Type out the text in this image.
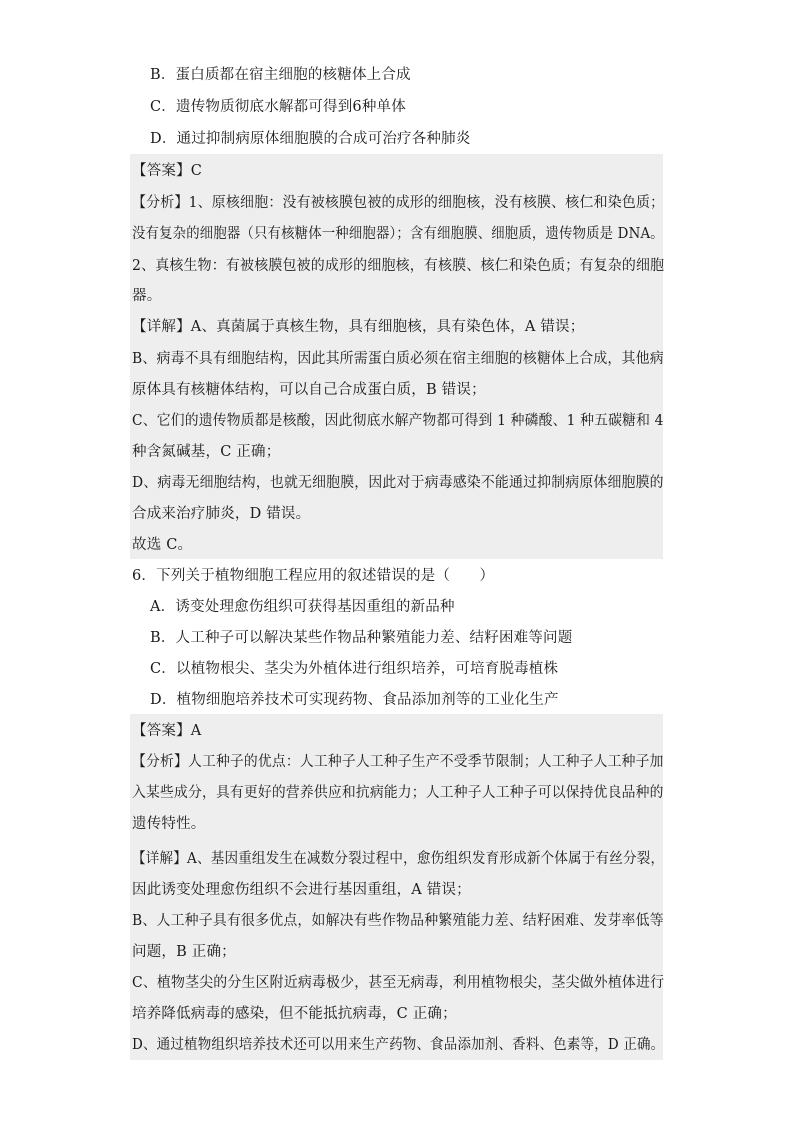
B．蛋白质都在宿主细胞的核糖体上合成
C．遗传物质彻底水解都可得到6种单体
D．通过抑制病原体细胞膜的合成可治疗各种肺炎
【答案】C
【分析】1、原核细胞：没有被核膜包被的成形的细胞核，没有核膜、核仁和染色质；
没有复杂的细胞器（只有核糖体一种细胞器）；含有细胞膜、细胞质，遗传物质是 DNA。
2、真核生物：有被核膜包被的成形的细胞核，有核膜、核仁和染色质；有复杂的细胞
器。
【详解】A、真菌属于真核生物，具有细胞核，具有染色体，A 错误；
B、病毒不具有细胞结构，因此其所需蛋白质必须在宿主细胞的核糖体上合成，其他病
原体具有核糖体结构，可以自己合成蛋白质，B 错误；
C、它们的遗传物质都是核酸，因此彻底水解产物都可得到 1 种磷酸、1 种五碳糖和 4
种含氮碱基，C 正确；
D、病毒无细胞结构，也就无细胞膜，因此对于病毒感染不能通过抑制病原体细胞膜的
合成来治疗肺炎，D 错误。
故选 C。
6．下列关于植物细胞工程应用的叙述错误的是（　　）
A．诱变处理愈伤组织可获得基因重组的新品种
B．人工种子可以解决某些作物品种繁殖能力差、结籽困难等问题
C．以植物根尖、茎尖为外植体进行组织培养，可培育脱毒植株
D．植物细胞培养技术可实现药物、食品添加剂等的工业化生产
【答案】A
【分析】人工种子的优点：人工种子人工种子生产不受季节限制；人工种子人工种子加
入某些成分，具有更好的营养供应和抗病能力；人工种子人工种子可以保持优良品种的
遗传特性。
【详解】A、基因重组发生在减数分裂过程中，愈伤组织发育形成新个体属于有丝分裂，
因此诱变处理愈伤组织不会进行基因重组，A 错误；
B、人工种子具有很多优点，如解决有些作物品种繁殖能力差、结籽困难、发芽率低等
问题，B 正确；
C、植物茎尖的分生区附近病毒极少，甚至无病毒，利用植物根尖，茎尖做外植体进行
培养降低病毒的感染，但不能抵抗病毒，C 正确；
D、通过植物组织培养技术还可以用来生产药物、食品添加剂、香料、色素等，D 正确。
